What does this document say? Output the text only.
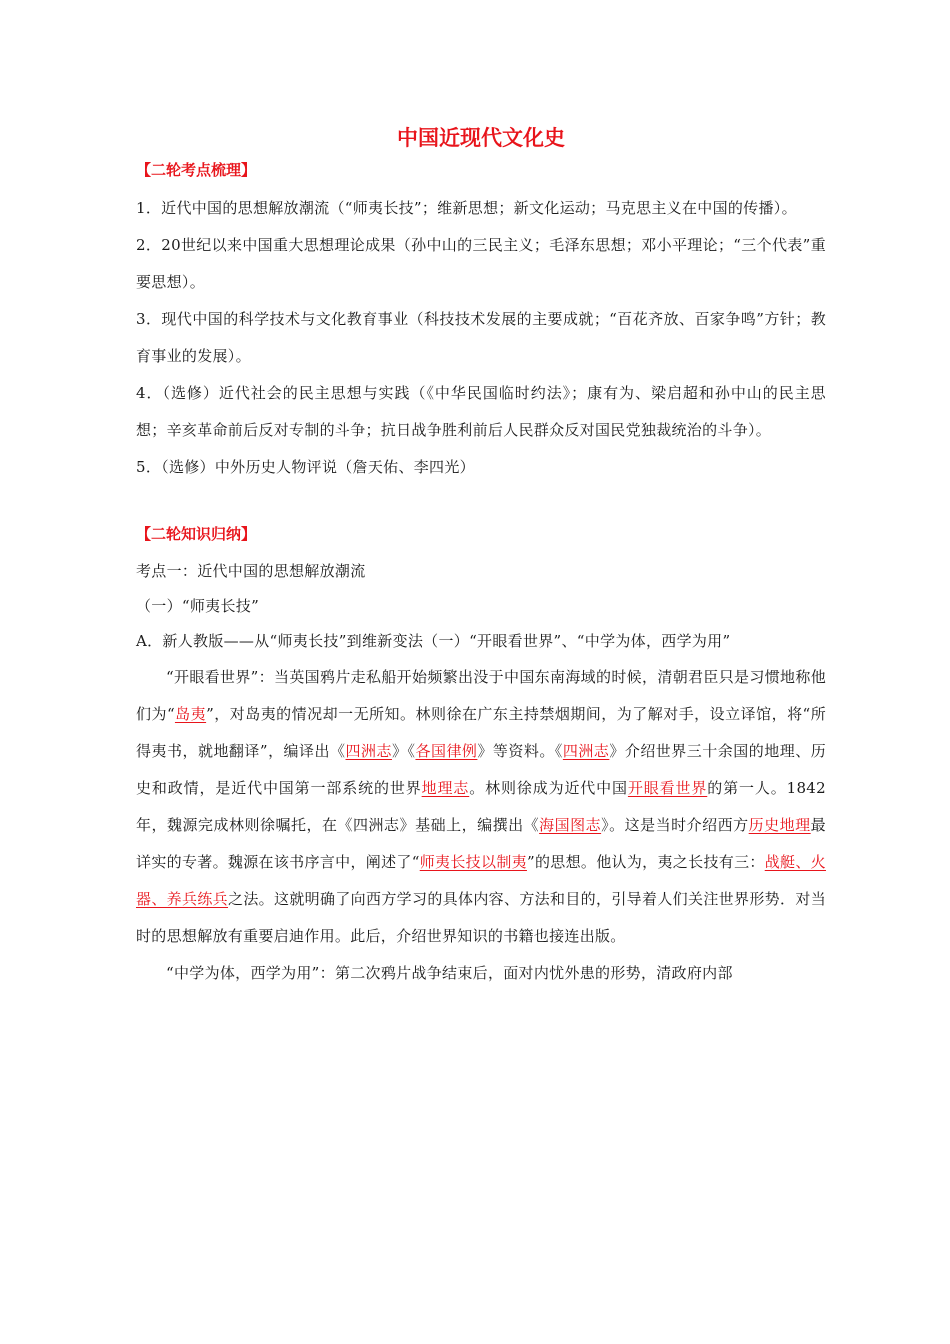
中国近现代文化史
【二轮考点梳理】

1．近代中国的思想解放潮流（“师夷长技”；维新思想；新文化运动；马克思主义在中国的传播）。

2．20世纪以来中国重大思想理论成果（孙中山的三民主义；毛泽东思想；邓小平理论；“三个代表”重要思想）。

3．现代中国的科学技术与文化教育事业（科技技术发展的主要成就；“百花齐放、百家争鸣”方针；教育事业的发展）。

4．（选修）近代社会的民主思想与实践（《中华民国临时约法》；康有为、梁启超和孙中山的民主思想；辛亥革命前后反对专制的斗争；抗日战争胜利前后人民群众反对国民党独裁统治的斗争）。

5．（选修）中外历史人物评说（詹天佑、李四光）

【二轮知识归纳】

考点一：近代中国的思想解放潮流

（一）“师夷长技”

A．新人教版——从“师夷长技”到维新变法（一）“开眼看世界”、“中学为体，西学为用”

“开眼看世界”：当英国鸦片走私船开始频繁出没于中国东南海域的时候，清朝君臣只是习惯地称他们为“岛夷”，对岛夷的情况却一无所知。林则徐在广东主持禁烟期间，为了解对手，设立译馆，将“所得夷书，就地翻译”，编译出《四洲志》《各国律例》等资料。《四洲志》介绍世界三十余国的地理、历史和政情，是近代中国第一部系统的世界地理志。林则徐成为近代中国开眼看世界的第一人。1842年，魏源完成林则徐嘱托，在《四洲志》基础上，编撰出《海国图志》。这是当时介绍西方历史地理最详实的专著。魏源在该书序言中，阐述了“师夷长技以制夷”的思想。他认为，夷之长技有三：战艇、火器、养兵练兵之法。这就明确了向西方学习的具体内容、方法和目的，引导着人们关注世界形势．对当时的思想解放有重要启迪作用。此后，介绍世界知识的书籍也接连出版。

“中学为体，西学为用”：第二次鸦片战争结束后，面对内忧外患的形势，清政府内部
